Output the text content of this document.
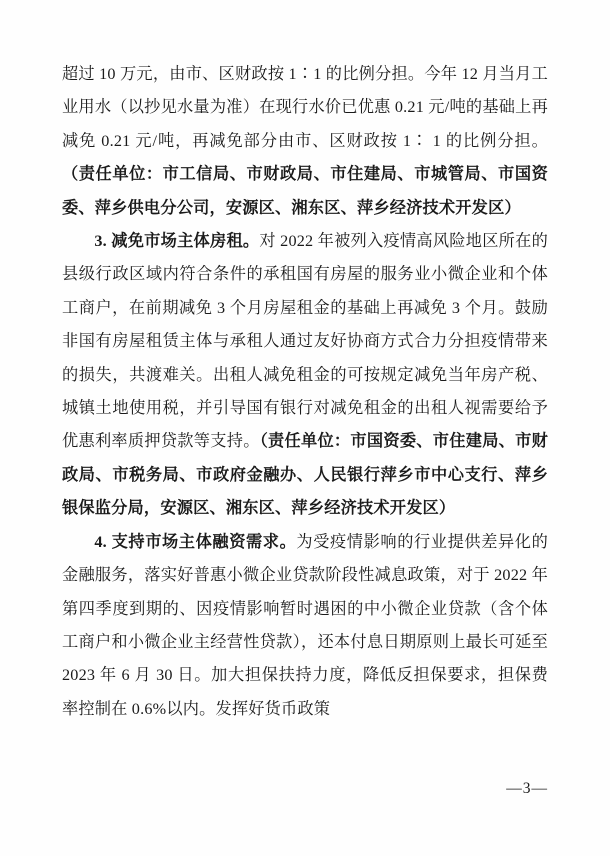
超过 10 万元，由市、区财政按 1∶1 的比例分担。今年 12 月当月工业用水（以抄见水量为准）在现行水价已优惠 0.21 元/吨的基础上再减免 0.21 元/吨，再减免部分由市、区财政按 1∶ 1 的比例分担。（责任单位：市工信局、市财政局、市住建局、市城管局、市国资委、萍乡供电分公司，安源区、湘东区、萍乡经济技术开发区）

3. 减免市场主体房租。对 2022 年被列入疫情高风险地区所在的县级行政区域内符合条件的承租国有房屋的服务业小微企业和个体工商户，在前期减免 3 个月房屋租金的基础上再减免 3 个月。鼓励非国有房屋租赁主体与承租人通过友好协商方式合力分担疫情带来的损失，共渡难关。出租人减免租金的可按规定减免当年房产税、城镇土地使用税，并引导国有银行对减免租金的出租人视需要给予优惠利率质押贷款等支持。（责任单位：市国资委、市住建局、市财政局、市税务局、市政府金融办、人民银行萍乡市中心支行、萍乡银保监分局，安源区、湘东区、萍乡经济技术开发区）

4. 支持市场主体融资需求。为受疫情影响的行业提供差异化的金融服务，落实好普惠小微企业贷款阶段性减息政策，对于 2022 年第四季度到期的、因疫情影响暂时遇困的中小微企业贷款（含个体工商户和小微企业主经营性贷款），还本付息日期原则上最长可延至 2023 年 6 月 30 日。加大担保扶持力度，降低反担保要求，担保费率控制在 0.6%以内。发挥好货币政策

—3—
